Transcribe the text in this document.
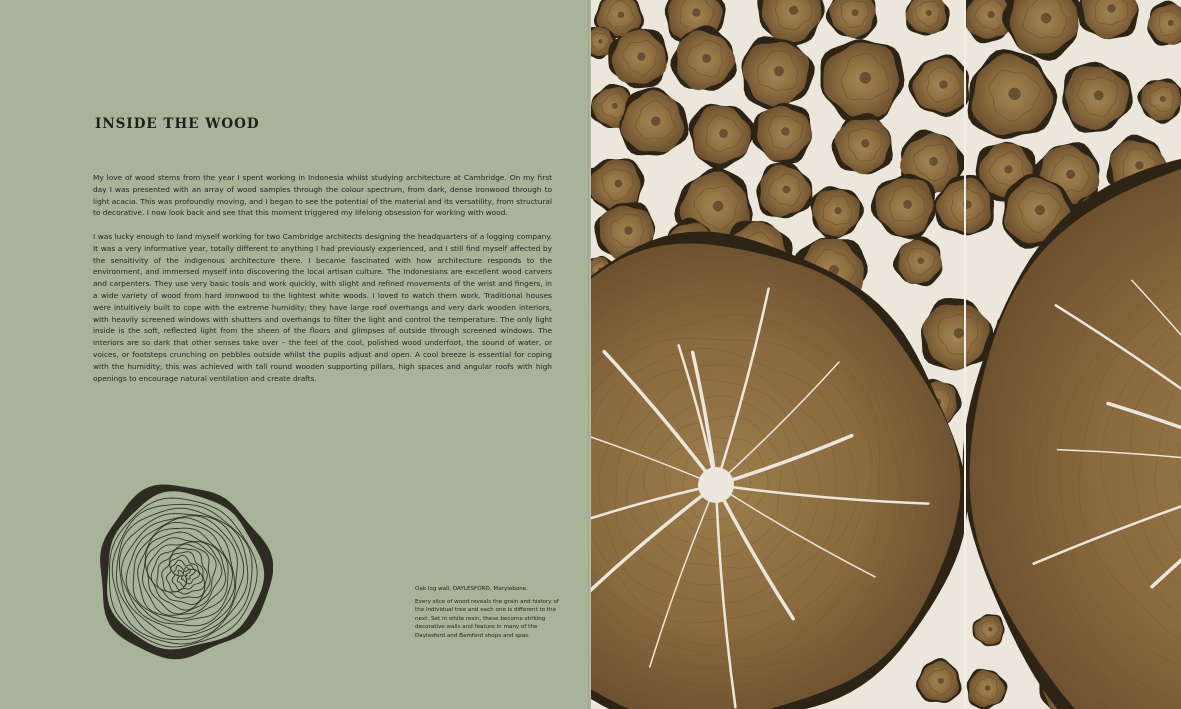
INSIDE THE WOOD

My love of wood stems from the year I spent working in Indonesia whilst studying architecture at Cambridge. On my first day I was presented with an array of wood samples through the colour spectrum, from dark, dense ironwood through to light acacia. This was profoundly moving, and I began to see the potential of the material and its versatility, from structural to decorative. I now look back and see that this moment triggered my lifelong obsession for working with wood.

I was lucky enough to land myself working for two Cambridge architects designing the headquarters of a logging company. It was a very informative year, totally different to anything I had previously experienced, and I still find myself affected by the sensitivity of the indigenous architecture there. I became fascinated with how architecture responds to the environment, and immersed myself into discovering the local artisan culture. The Indonesians are excellent wood carvers and carpenters. They use very basic tools and work quickly, with slight and refined movements of the wrist and fingers, in a wide variety of wood from hard ironwood to the lightest white woods. I loved to watch them work. Traditional houses were intuitively built to cope with the extreme humidity; they have large roof overhangs and very dark wooden interiors, with heavily screened windows with shutters and overhangs to filter the light and control the temperature. The only light inside is the soft, reflected light from the sheen of the floors and glimpses of outside through screened windows. The interiors are so dark that other senses take over – the feel of the cool, polished wood underfoot, the sound of water, or voices, or footsteps crunching on pebbles outside whilst the pupils adjust and open. A cool breeze is essential for coping with the humidity; this was achieved with tall round wooden supporting pillars, high spaces and angular roofs with high openings to encourage natural ventilation and create drafts.

Oak log wall, DAYLESFORD, Marylebone.

Every slice of wood reveals the grain and history of the individual tree and each one is different to the next. Set in white resin, these become striking decorative walls and feature in many of the Daylesford and Bamford shops and spas.
